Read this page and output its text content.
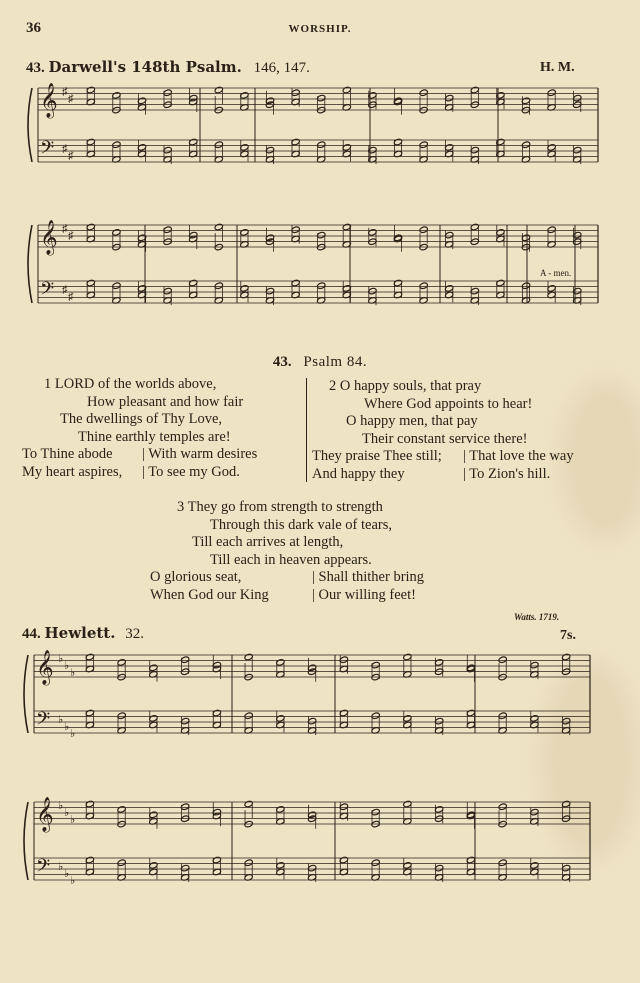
36	WORSHIP.
43. Darwell's 148th Psalm. 146, 147.	H. M.
𝄞
𝄢
♯
♯
♯
♯
𝄞
𝄢
♯
♯
♯
♯
A - men.
43. Psalm 84.
1 LORD of the worlds above,
How pleasant and how fair
The dwellings of Thy Love,
Thine earthly temples are!
To Thine abode | With warm desires
My heart aspires, | To see my God.
2 O happy souls, that pray
Where God appoints to hear!
O happy men, that pay
Their constant service there!
They praise Thee still; | That love the way
And happy they	| To Zion's hill.
3 They go from strength to strength
Through this dark vale of tears,
Till each arrives at length,
Till each in heaven appears.
O glorious seat,	| Shall thither bring
When God our King	| Our willing feet!
Watts. 1719.
44. Hewlett. 32.	7s.
𝄞
𝄢
♭
♭
♭
♭
♭
♭
𝄞
𝄢
♭
♭
♭
♭
♭
♭
